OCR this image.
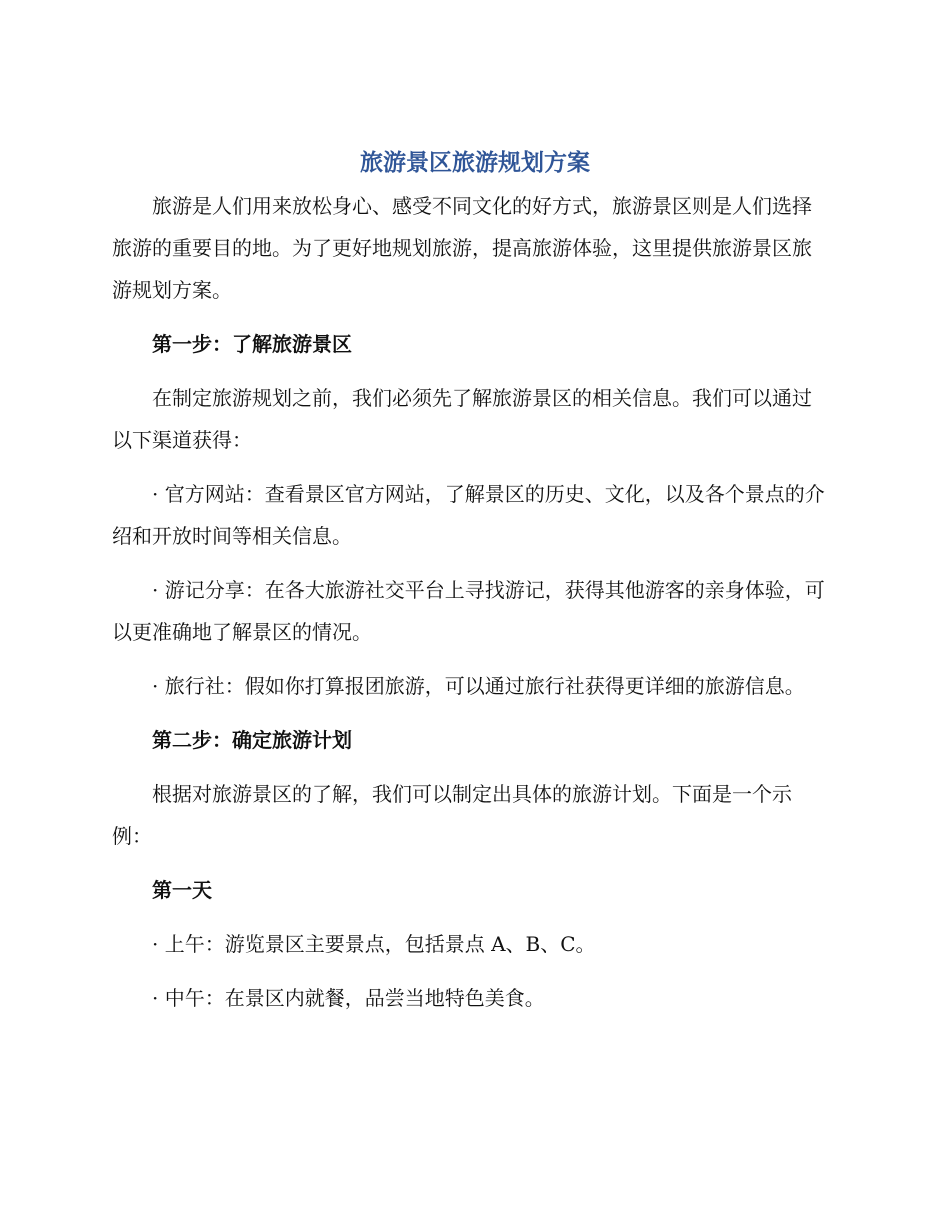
旅游景区旅游规划方案

旅游是人们用来放松身心、感受不同文化的好方式，旅游景区则是人们选择旅游的重要目的地。为了更好地规划旅游，提高旅游体验，这里提供旅游景区旅游规划方案。

第一步：了解旅游景区

在制定旅游规划之前，我们必须先了解旅游景区的相关信息。我们可以通过以下渠道获得：

· 官方网站：查看景区官方网站，了解景区的历史、文化，以及各个景点的介绍和开放时间等相关信息。

· 游记分享：在各大旅游社交平台上寻找游记，获得其他游客的亲身体验，可以更准确地了解景区的情况。

· 旅行社：假如你打算报团旅游，可以通过旅行社获得更详细的旅游信息。

第二步：确定旅游计划

根据对旅游景区的了解，我们可以制定出具体的旅游计划。下面是一个示例：

第一天

· 上午：游览景区主要景点，包括景点 A、B、C。

· 中午：在景区内就餐，品尝当地特色美食。
